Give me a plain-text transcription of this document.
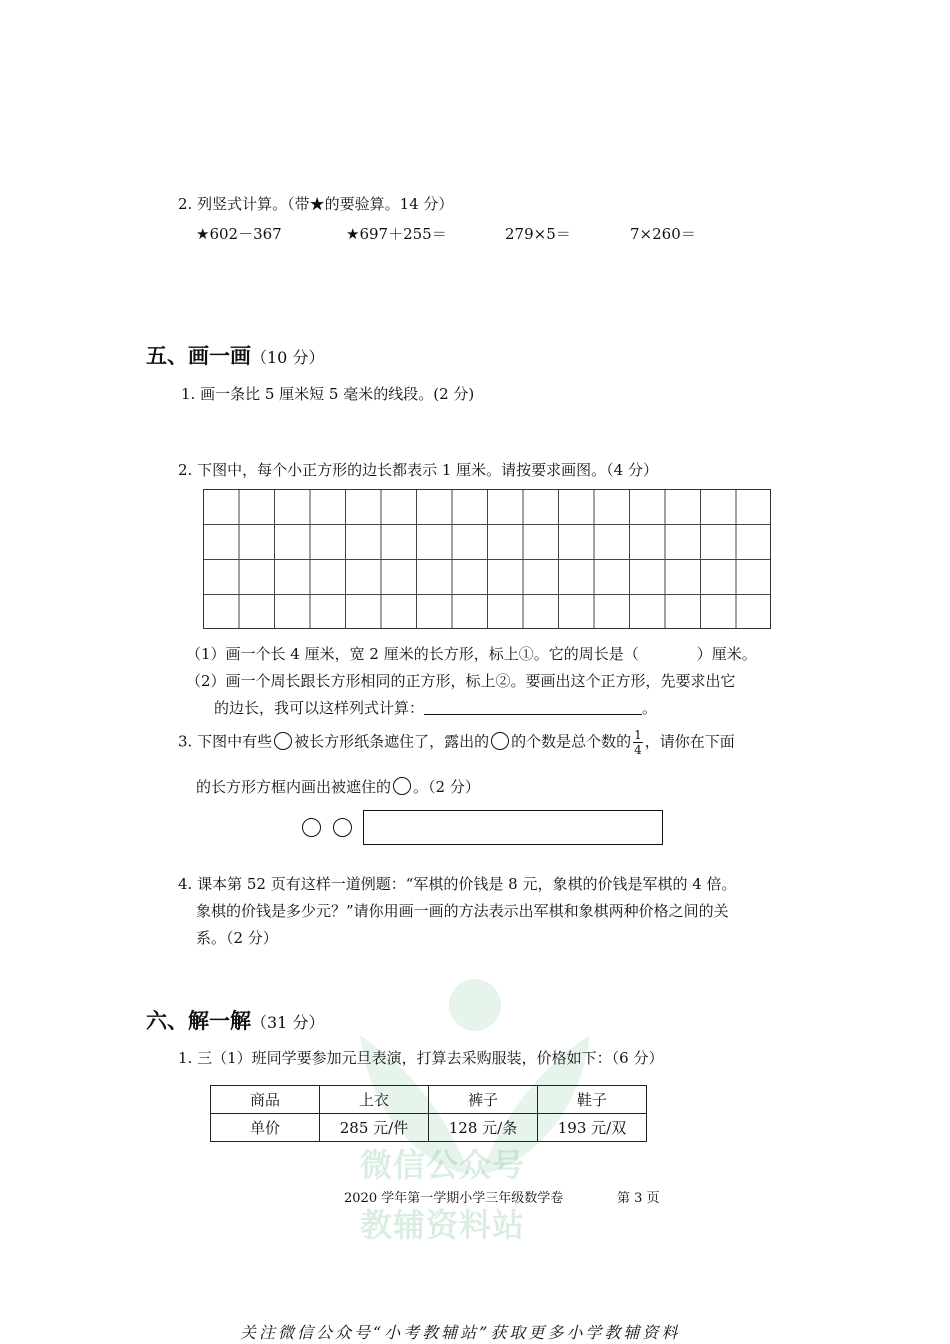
2. 列竖式计算。（带★的要验算。14 分）
★602－367	★697＋255＝	279×5＝	7×260＝
五、画一画（10 分）
1. 画一条比 5 厘米短 5 毫米的线段。(2 分)
2. 下图中，每个小正方形的边长都表示 1 厘米。请按要求画图。（4 分）
（1）画一个长 4 厘米，宽 2 厘米的长方形，标上①。它的周长是（	）厘米。
（2）画一个周长跟长方形相同的正方形，标上②。要画出这个正方形，先要求出它
的边长，我可以这样列式计算：	。
3. 下图中有些 被长方形纸条遮住了，露出的 的个数是总个数的 $\frac{1}{4}$ ，请你在下面
的长方形方框内画出被遮住的 。（2 分）
4. 课本第 52 页有这样一道例题：“军棋的价钱是 8 元，象棋的价钱是军棋的 4 倍。
象棋的价钱是多少元？”请你用画一画的方法表示出军棋和象棋两种价格之间的关
系。（2 分）
微信公众号
教辅资料站
六、解一解（31 分）
1. 三（1）班同学要参加元旦表演，打算去采购服装，价格如下：（6 分）
商品	上衣	裤子	鞋子
单价	285 元/件	128 元/条	193 元/双
2020 学年第一学期小学三年级数学卷	第 3 页
关注微信公众号“小考教辅站”获取更多小学教辅资料
